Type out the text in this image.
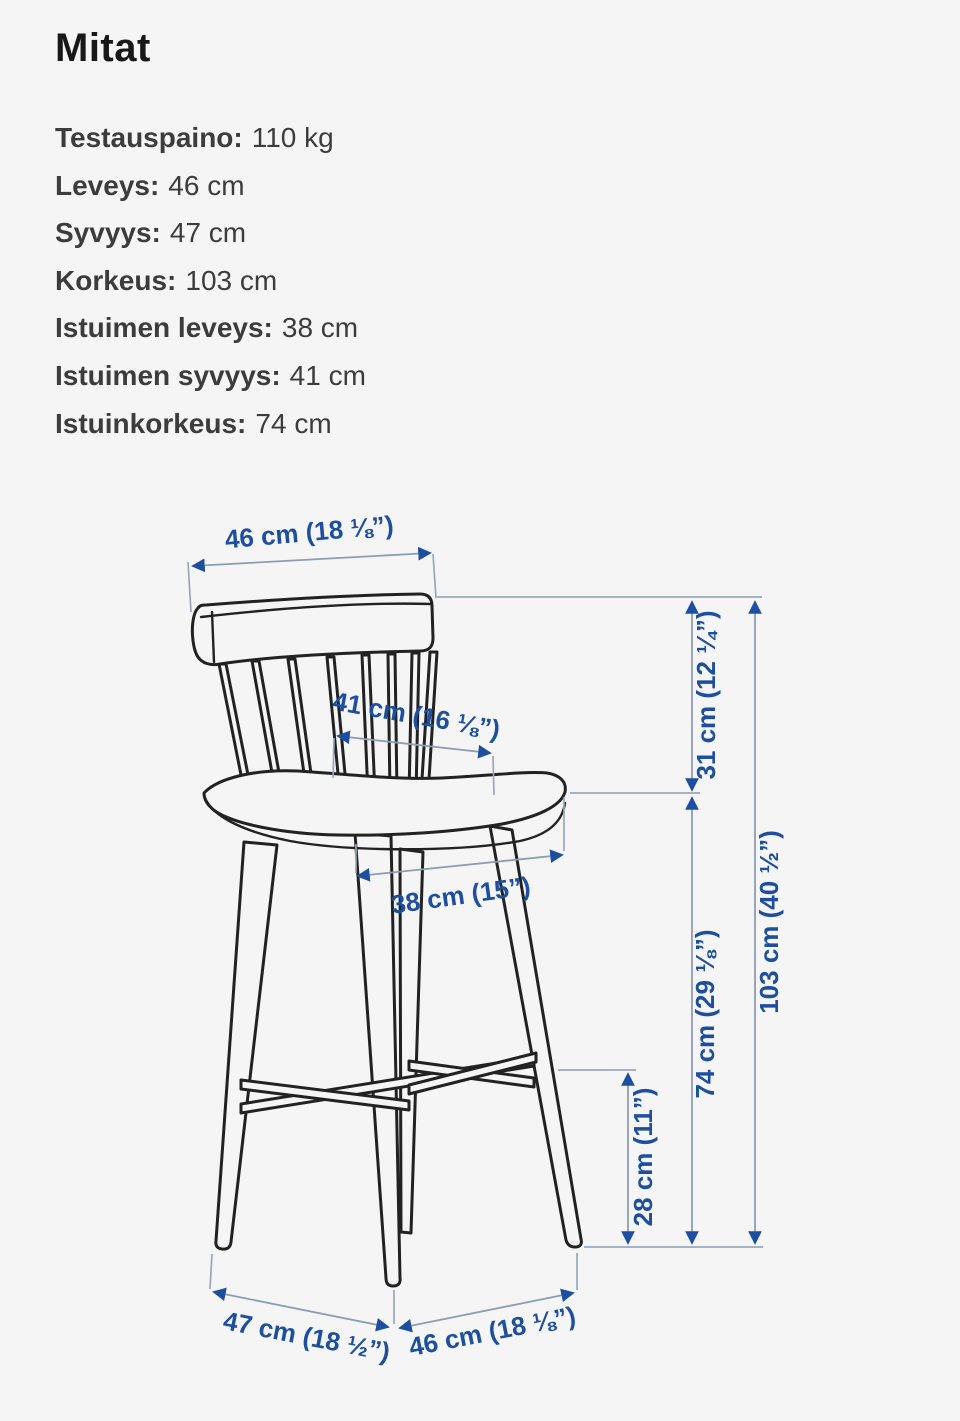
Mitat
Testauspaino: 110 kg
Leveys: 46 cm
Syvyys: 47 cm
Korkeus: 103 cm
Istuimen leveys: 38 cm
Istuimen syvyys: 41 cm
Istuinkorkeus: 74 cm
46 cm (18 ⅛”)
41 cm (16 ⅛”)
38 cm (15”)
31 cm (12 ¼”)
74 cm (29 ⅛”)
103 cm (40 ½”)
28 cm (11”)
47 cm (18 ½”) 46 cm (18 ⅛”)
